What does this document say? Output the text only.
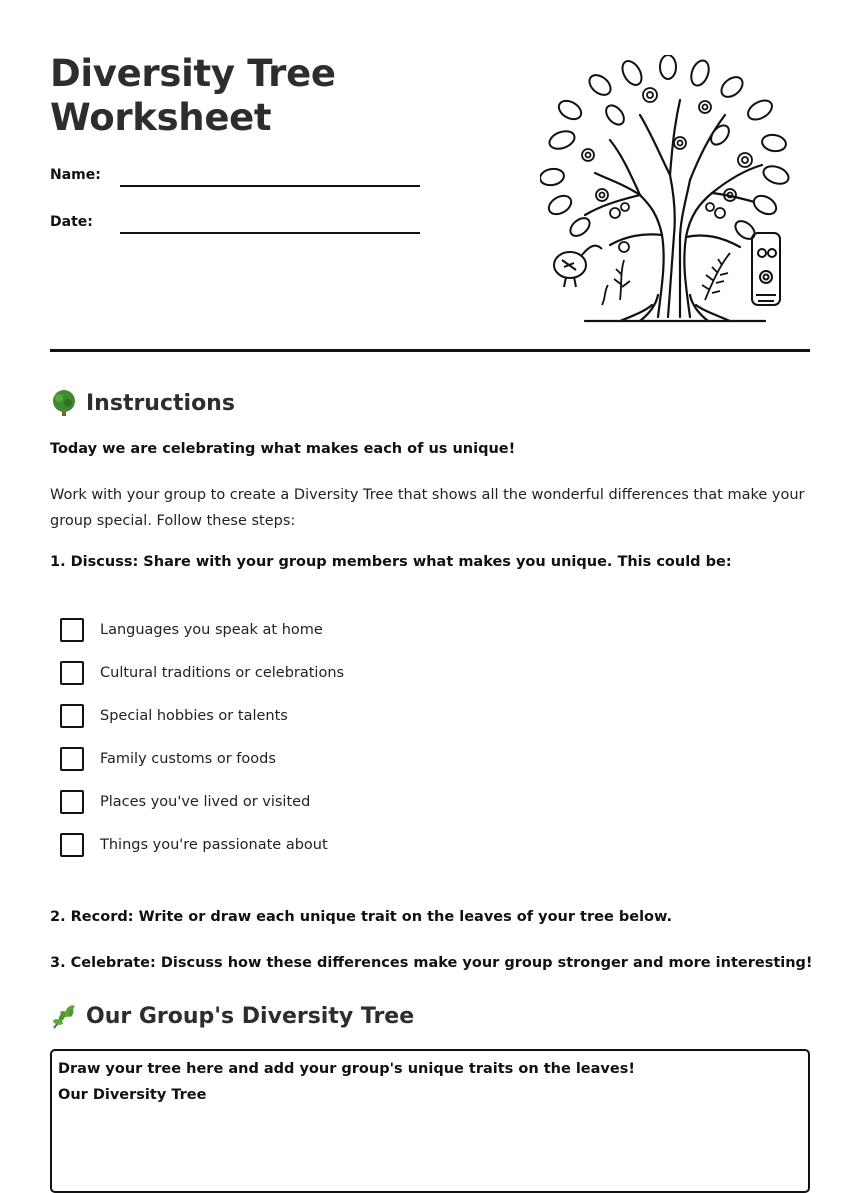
Diversity Tree
Worksheet
Name:
Date:
Instructions

Today we are celebrating what makes each of us unique!

Work with your group to create a Diversity Tree that shows all the wonderful differences that make your group special. Follow these steps:

1. Discuss: Share with your group members what makes you unique. This could be:

Languages you speak at home
Cultural traditions or celebrations
Special hobbies or talents
Family customs or foods
Places you've lived or visited
Things you're passionate about

2. Record: Write or draw each unique trait on the leaves of your tree below.

3. Celebrate: Discuss how these differences make your group stronger and more interesting!

Our Group's Diversity Tree
Draw your tree here and add your group's unique traits on the leaves!
Our Diversity Tree
